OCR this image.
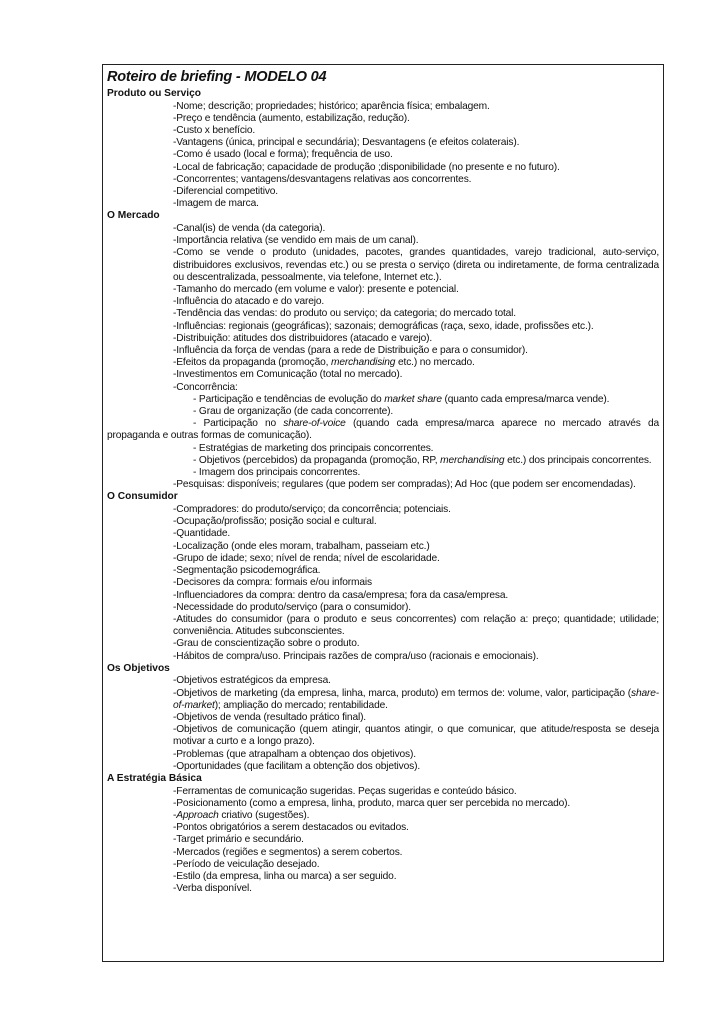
Roteiro de briefing - MODELO 04
Produto ou Serviço
-Nome; descrição; propriedades; histórico; aparência física; embalagem.
-Preço e tendência (aumento, estabilização, redução).
-Custo x benefício.
-Vantagens (única, principal e secundária); Desvantagens (e efeitos colaterais).
-Como é usado (local e forma); frequência de uso.
-Local de fabricação; capacidade de produção ;disponibilidade (no presente e no futuro).
-Concorrentes; vantagens/desvantagens relativas aos concorrentes.
-Diferencial competitivo.
-Imagem de marca.
O Mercado
-Canal(is) de venda (da categoria).
-Importância relativa (se vendido em mais de um canal).
-Como se vende o produto (unidades, pacotes, grandes quantidades, varejo tradicional, auto-serviço, distribuidores exclusivos, revendas etc.) ou se presta o serviço (direta ou indiretamente, de forma centralizada ou descentralizada, pessoalmente, via telefone, Internet etc.).
-Tamanho do mercado (em volume e valor): presente e potencial.
-Influência do atacado e do varejo.
-Tendência das vendas: do produto ou serviço; da categoria; do mercado total.
-Influências: regionais (geográficas); sazonais; demográficas (raça, sexo, idade, profissões etc.).
-Distribuição: atitudes dos distribuidores (atacado e varejo).
-Influência da força de vendas (para a rede de Distribuição e para o consumidor).
-Efeitos da propaganda (promoção, merchandising etc.) no mercado.
-Investimentos em Comunicação (total no mercado).
-Concorrência:
- Participação e tendências de evolução do market share (quanto cada empresa/marca vende).
- Grau de organização (de cada concorrente).
- Participação no share-of-voice (quando cada empresa/marca aparece no mercado através da propaganda e outras formas de comunicação).
- Estratégias de marketing dos principais concorrentes.
- Objetivos (percebidos) da propaganda (promoção, RP, merchandising etc.) dos principais concorrentes.
- Imagem dos principais concorrentes.
-Pesquisas: disponíveis; regulares (que podem ser compradas); Ad Hoc (que podem ser encomendadas).
O Consumidor
-Compradores: do produto/serviço; da concorrência; potenciais.
-Ocupação/profissão; posição social e cultural.
-Quantidade.
-Localização (onde eles moram, trabalham, passeiam etc.)
-Grupo de idade; sexo; nível de renda; nível de escolaridade.
-Segmentação psicodemográfica.
-Decisores da compra: formais e/ou informais
-Influenciadores da compra: dentro da casa/empresa; fora da casa/empresa.
-Necessidade do produto/serviço (para o consumidor).
-Atitudes do consumidor (para o produto e seus concorrentes) com relação a: preço; quantidade; utilidade; conveniência. Atitudes subconscientes.
-Grau de conscientização sobre o produto.
-Hábitos de compra/uso. Principais razões de compra/uso (racionais e emocionais).
Os Objetivos
-Objetivos estratégicos da empresa.
-Objetivos de marketing (da empresa, linha, marca, produto) em termos de: volume, valor, participação (share-of-market); ampliação do mercado; rentabilidade.
-Objetivos de venda (resultado prático final).
-Objetivos de comunicação (quem atingir, quantos atingir, o que comunicar, que atitude/resposta se deseja motivar a curto e a longo prazo).
-Problemas (que atrapalham a obtençao dos objetivos).
-Oportunidades (que facilitam a obtenção dos objetivos).
A Estratégia Básica
-Ferramentas de comunicação sugeridas. Peças sugeridas e conteúdo básico.
-Posicionamento (como a empresa, linha, produto, marca quer ser percebida no mercado).
-Approach criativo (sugestões).
-Pontos obrigatórios a serem destacados ou evitados.
-Target primário e secundário.
-Mercados (regiões e segmentos) a serem cobertos.
-Período de veiculação desejado.
-Estilo (da empresa, linha ou marca) a ser seguido.
-Verba disponível.
